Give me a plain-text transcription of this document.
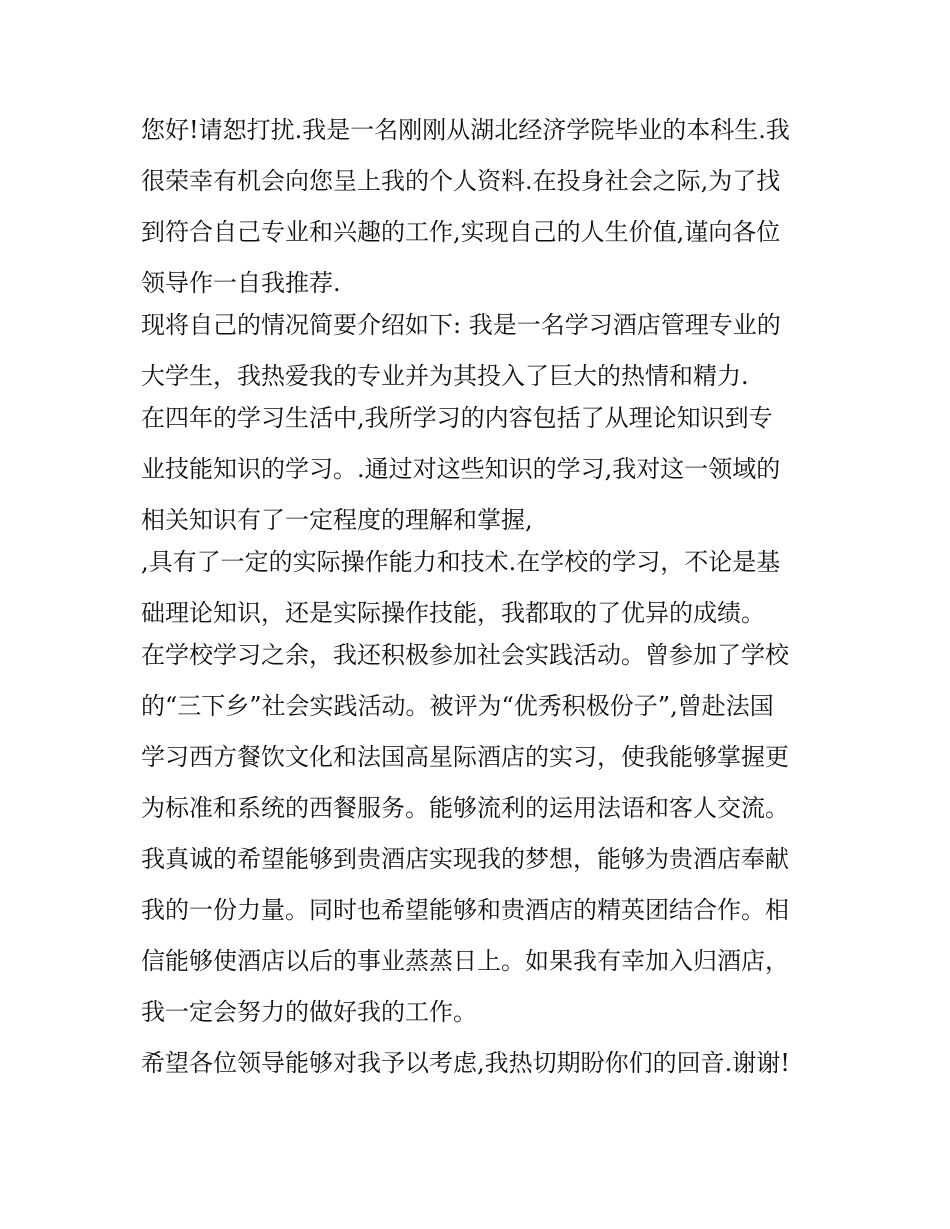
您好!请恕打扰.我是一名刚刚从湖北经济学院毕业的本科生.我
很荣幸有机会向您呈上我的个人资料.在投身社会之际,为了找
到符合自己专业和兴趣的工作,实现自己的人生价值,谨向各位
领导作一自我推荐.
现将自己的情况简要介绍如下: 我是一名学习酒店管理专业的
大学生，我热爱我的专业并为其投入了巨大的热情和精力.
在四年的学习生活中,我所学习的内容包括了从理论知识到专
业技能知识的学习。.通过对这些知识的学习,我对这一领域的
相关知识有了一定程度的理解和掌握,
,具有了一定的实际操作能力和技术.在学校的学习，不论是基
础理论知识，还是实际操作技能，我都取的了优异的成绩。
在学校学习之余，我还积极参加社会实践活动。曾参加了学校
的“三下乡”社会实践活动。被评为“优秀积极份子”,曾赴法国
学习西方餐饮文化和法国高星际酒店的实习，使我能够掌握更
为标准和系统的西餐服务。能够流利的运用法语和客人交流。
我真诚的希望能够到贵酒店实现我的梦想，能够为贵酒店奉献
我的一份力量。同时也希望能够和贵酒店的精英团结合作。相
信能够使酒店以后的事业蒸蒸日上。如果我有幸加入归酒店，
我一定会努力的做好我的工作。
希望各位领导能够对我予以考虑,我热切期盼你们的回音.谢谢!
